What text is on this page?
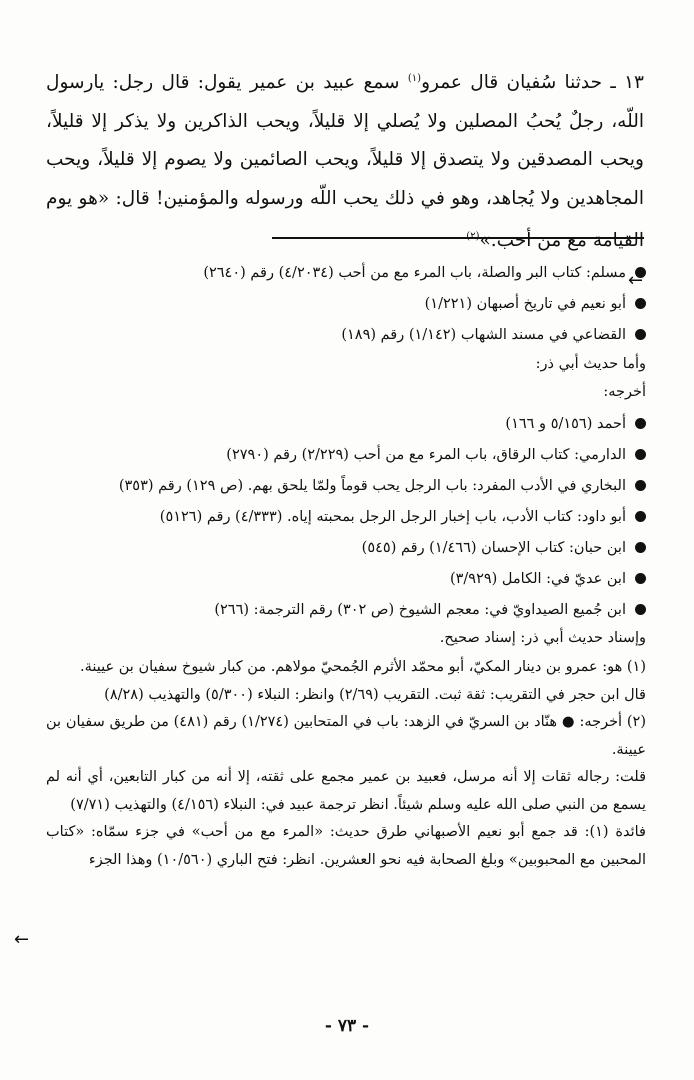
١٣ ـ حدثنا سُفيان قال عمرو$^{(١)}$ سمع عبيد بن عمير يقول: قال رجل: يارسول اللّه، رجلٌ يُحبُ المصلين ولا يُصلي إلا قليلاً، ويحب الذاكرين ولا يذكر إلا قليلاً، ويحب المصدقين ولا يتصدق إلا قليلاً، ويحب الصائمين ولا يصوم إلا قليلاً، ويحب المجاهدين ولا يُجاهد، وهو في ذلك يحب اللّه ورسوله والمؤمنين! قال: «هو يوم القيامة مع من أحب.»$^{(٢)}$

مسلم: كتاب البر والصلة، باب المرء مع من أحب (٤/٢٠٣٤) رقم (٢٦٤٠)
أبو نعيم في تاريخ أصبهان (١/٢٢١)
القضاعي في مسند الشهاب (١/١٤٢) رقم (١٨٩)
وأما حديث أبي ذر:
أخرجه:
أحمد (٥/١٥٦ و ١٦٦)
الدارمي: كتاب الرقاق، باب المرء مع من أحب (٢/٢٢٩) رقم (٢٧٩٠)
البخاري في الأدب المفرد: باب الرجل يحب قوماً ولمّا يلحق بهم. (ص ١٢٩) رقم (٣٥٣)
أبو داود: كتاب الأدب، باب إخبار الرجل الرجل بمحبته إياه. (٤/٣٣٣) رقم (٥١٢٦)
ابن حبان: كتاب الإحسان (١/٤٦٦) رقم (٥٤٥)
ابن عديّ في: الكامل (٣/٩٢٩)
ابن جُميع الصيداويّ في: معجم الشيوخ (ص ٣٠٢) رقم الترجمة: (٢٦٦)
وإسناد حديث أبي ذر: إسناد صحيح.

(١) هو: عمرو بن دينار المكيّ، أبو محمّد الأثرم الجُمحيّ مولاهم. من كبار شيوخ سفيان بن عيينة.

قال ابن حجر في التقريب: ثقة ثبت. التقريب (٢/٦٩) وانظر: النبلاء (٥/٣٠٠) والتهذيب (٨/٢٨)

(٢) أخرجه: ● هنّاد بن السريّ في الزهد: باب في المتحابين (١/٢٧٤) رقم (٤٨١) من طريق سفيان بن عيينة.

قلت: رجاله ثقات إلا أنه مرسل، فعبيد بن عمير مجمع على ثقته، إلا أنه من كبار التابعين، أي أنه لم يسمع من النبي صلى الله عليه وسلم شيئاً. انظر ترجمة عبيد في: النبلاء (٤/١٥٦) والتهذيب (٧/٧١)

فائدة (١): قد جمع أبو نعيم الأصبهاني طرق حديث: «المرء مع من أحب» في جزء سمّاه: «كتاب المحبين مع المحبوبين» وبلغ الصحابة فيه نحو العشرين. انظر: فتح الباري (١٠/٥٦٠) وهذا الجزء

←
←
- ٧٣ -
